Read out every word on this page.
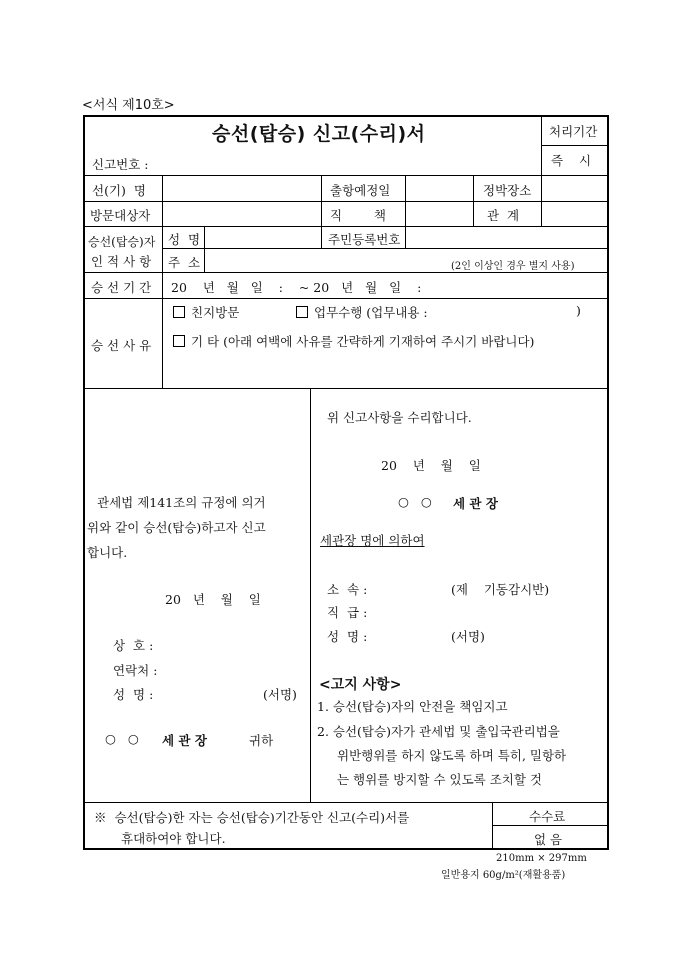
<서식 제10호>
승선(탑승) 신고(수리)서
신고번호 :
처리기간
즉    시
선(기)  명	출항예정일	정박장소
방문대상자	직        책	관  계
승선(탑승)자
인 적 사 항
성  명	주민등록번호
주  소	(2인 이상인 경우 별지 사용)
승 선 기 간 20    년   월   일    :    ~ 20   년   월   일    :
승 선 사 유
친지방문	업무수행 (업무내용 :	)
기 타 (아래 여백에 사유를 간략하게 기재하여 주시기 바랍니다)
관세법 제141조의 규정에 의거
위와 같이 승선(탑승)하고자 신고
합니다.
20   년    월    일
상  호 :
연락처 :
성  명 :	(서명)
○   ○ 세 관 장	귀하
위 신고사항을 수리합니다.
20    년    월    일
○   ○ 세 관 장
세관장 명에 의하여
소  속 :	(제    기동감시반)
직  급 :
성  명 :	(서명)
<고지 사항>
1. 승선(탑승)자의 안전을 책임지고
2. 승선(탑승)자가 관세법 및 출입국관리법을
위반행위를 하지 않도록 하며 특히, 밀항하
는 행위를 방지할 수 있도록 조치할 것
※  승선(탑승)한 자는 승선(탑승)기간동안 신고(수리)서를
휴대하여야 합니다.
수수료
없 음
210mm × 297mm
일반용지 60g/m²(재활용품)
